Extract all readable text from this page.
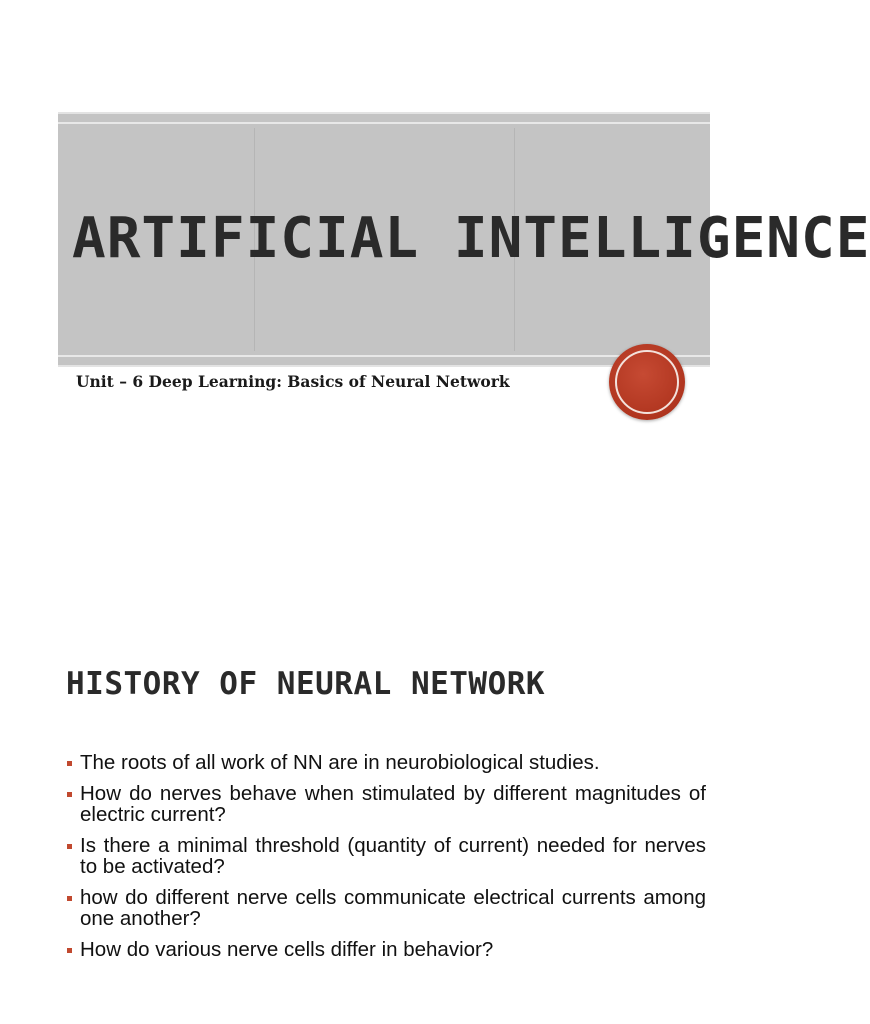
ARTIFICIAL INTELLIGENCE
Unit – 6 Deep Learning: Basics of Neural Network
HISTORY OF NEURAL NETWORK
The roots of all work of NN are in neurobiological studies.
How do nerves behave when stimulated by different magnitudes of electric current?
Is there a minimal threshold (quantity of current) needed for nerves to be activated?
how do different nerve cells communicate electrical currents among one another?
How do various nerve cells differ in behavior?
